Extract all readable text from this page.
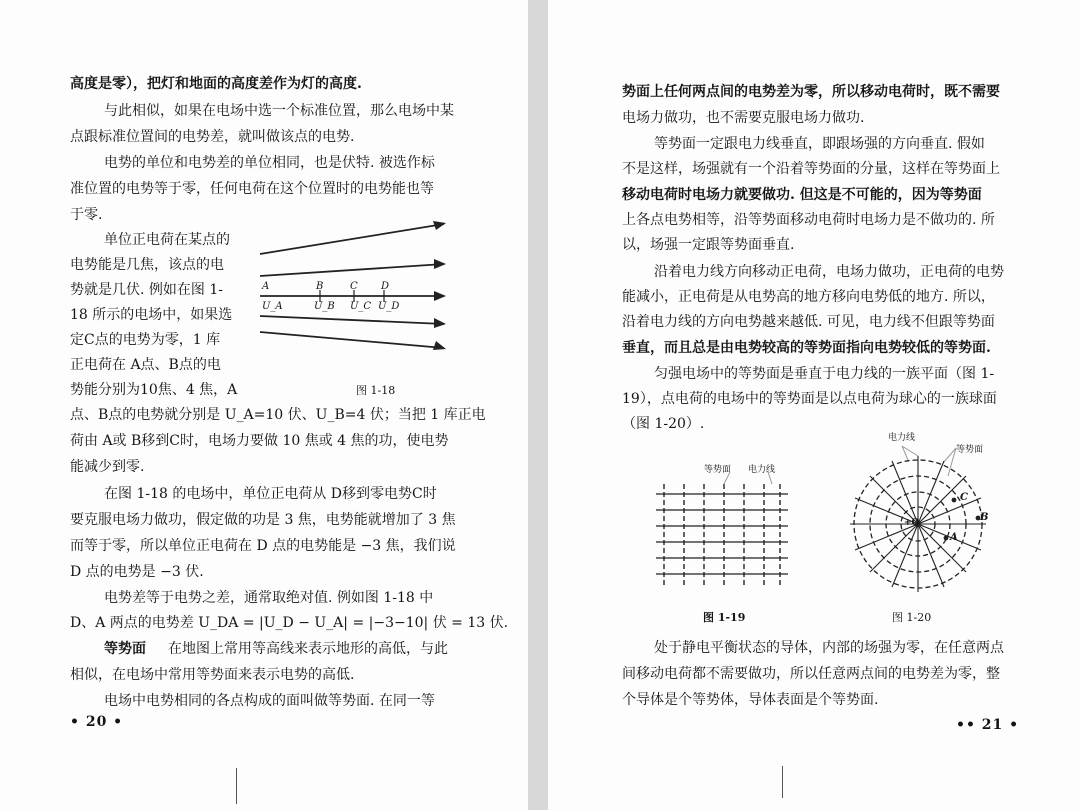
高度是零），把灯和地面的高度差作为灯的高度.
与此相似，如果在电场中选一个标准位置，那么电场中某
点跟标准位置间的电势差，就叫做该点的电势.
电势的单位和电势差的单位相同，也是伏特. 被选作标
准位置的电势等于零，任何电荷在这个位置时的电势能也等
于零.
单位正电荷在某点的
电势能是几焦，该点的电
势就是几伏. 例如在图 1-
18 所示的电场中，如果选
定C点的电势为零，1 库
正电荷在 A点、B点的电
势能分别为10焦、4 焦，A
点、B点的电势就分别是 U_A=10 伏、U_B=4 伏；当把 1 库正电
荷由 A或 B移到C时，电场力要做 10 焦或 4 焦的功，使电势
能减少到零.
在图 1-18 的电场中，单位正电荷从 D移到零电势C时
要克服电场力做功，假定做的功是 3 焦，电势能就增加了 3 焦
而等于零，所以单位正电荷在 D 点的电势能是 −3 焦，我们说
D 点的电势是 −3 伏.
电势差等于电势之差，通常取绝对值. 例如图 1-18 中
D、A 两点的电势差 U_DA = |U_D − U_A| = |−3−10| 伏 = 13 伏.
等势面 在地图上常用等高线来表示地形的高低，与此
相似，在电场中常用等势面来表示电势的高低.
电场中电势相同的各点构成的面叫做等势面. 在同一等
• 20 •
A	B	C D
U_A	U_B U_C U_D
图 1-18
势面上任何两点间的电势差为零，所以移动电荷时，既不需要
电场力做功，也不需要克服电场力做功.
等势面一定跟电力线垂直，即跟场强的方向垂直. 假如
不是这样，场强就有一个沿着等势面的分量，这样在等势面上
移动电荷时电场力就要做功. 但这是不可能的，因为等势面
上各点电势相等，沿等势面移动电荷时电场力是不做功的. 所
以，场强一定跟等势面垂直.
沿着电力线方向移动正电荷，电场力做功，正电荷的电势
能减小，正电荷是从电势高的地方移向电势低的地方. 所以，
沿着电力线的方向电势越来越低. 可见，电力线不但跟等势面
垂直，而且总是由电势较高的等势面指向电势较低的等势面.
匀强电场中的等势面是垂直于电力线的一族平面（图 1-
19），点电荷的电场中的等势面是以点电荷为球心的一族球面
（图 1-20）.
等势面 电力线
图 1-19
电力线
等势面
+Q
A
B
C
图 1-20
处于静电平衡状态的导体，内部的场强为零，在任意两点
间移动电荷都不需要做功，所以任意两点间的电势差为零，整
个导体是个等势体，导体表面是个等势面.
•• 21 •
